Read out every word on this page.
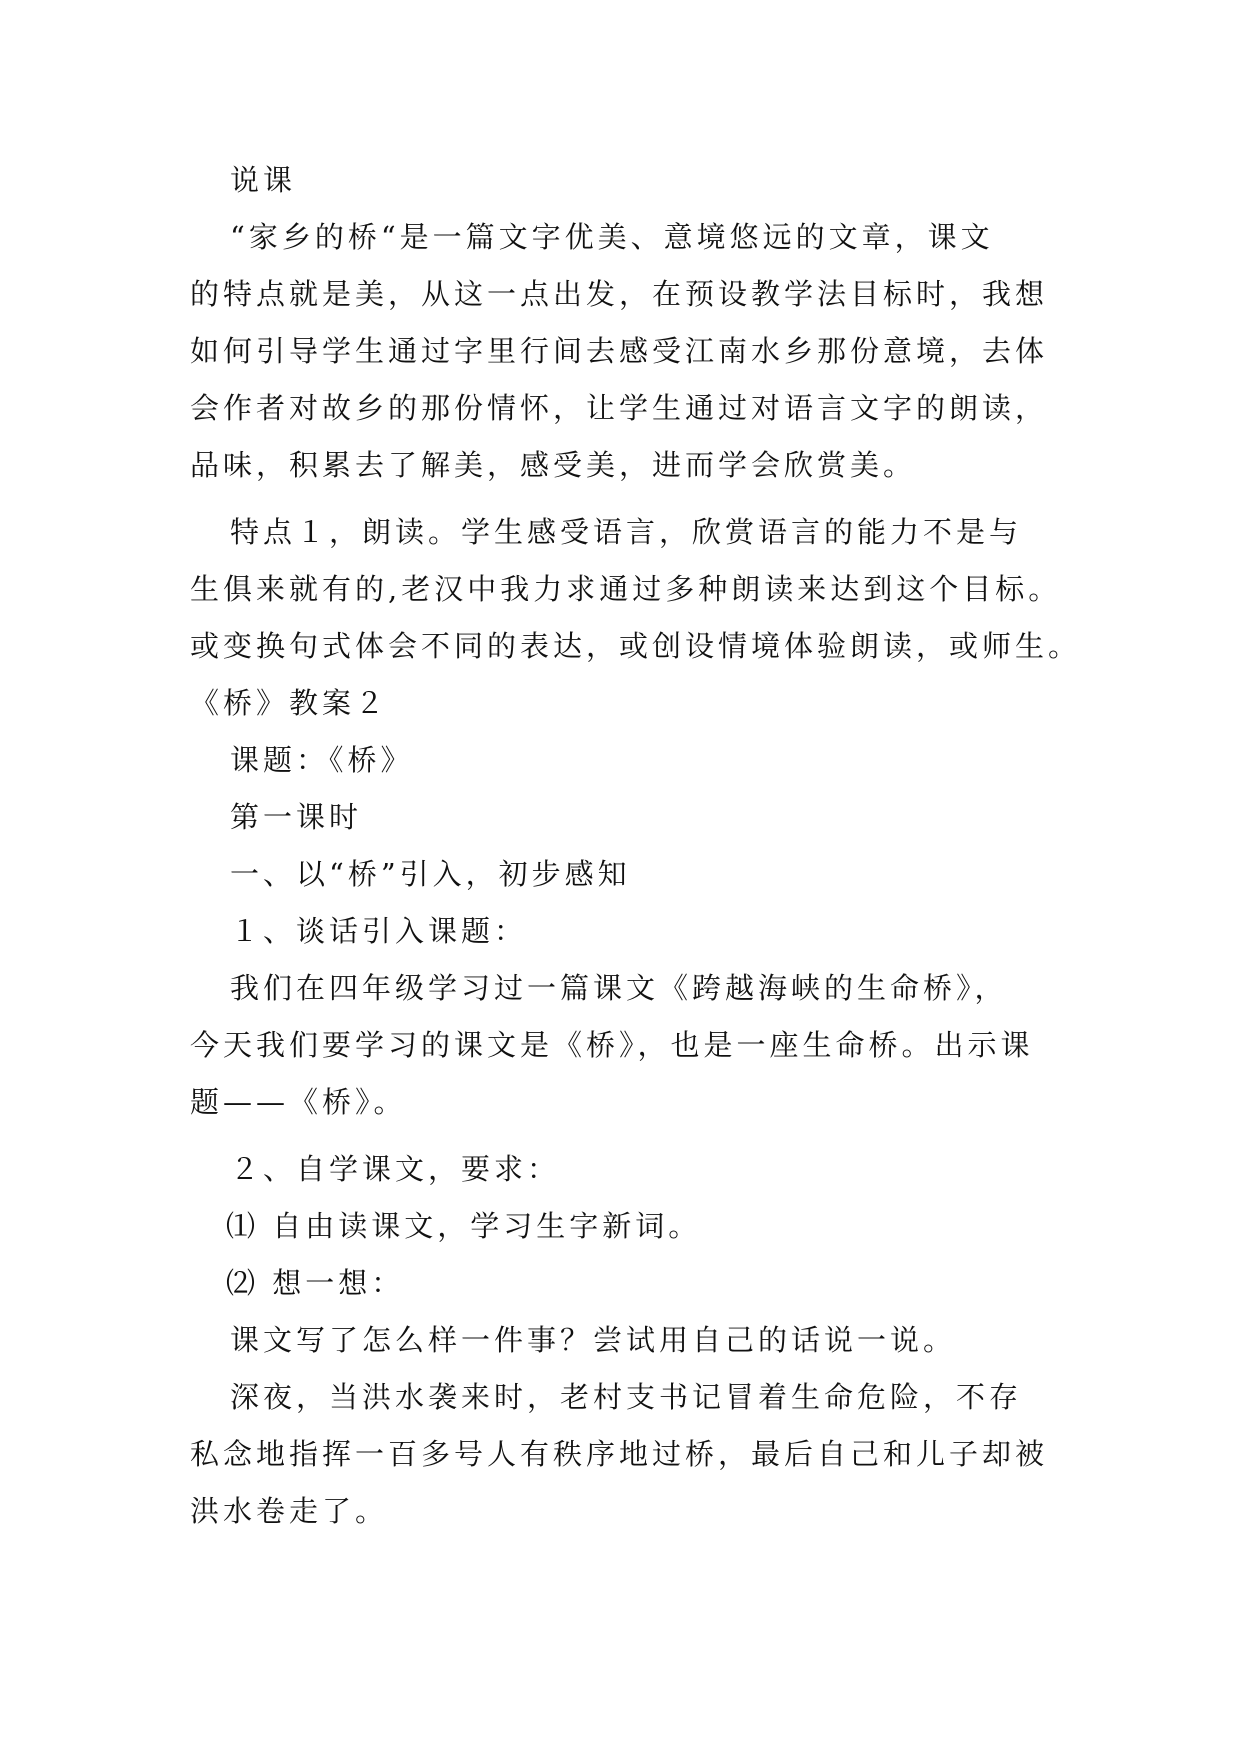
说课
“家乡的桥“是一篇文字优美、意境悠远的文章，课文
的特点就是美，从这一点出发，在预设教学法目标时，我想
如何引导学生通过字里行间去感受江南水乡那份意境，去体
会作者对故乡的那份情怀，让学生通过对语言文字的朗读，
品味，积累去了解美，感受美，进而学会欣赏美。
特点１，朗读。学生感受语言，欣赏语言的能力不是与
生俱来就有的,老汉中我力求通过多种朗读来达到这个目标。
或变换句式体会不同的表达，或创设情境体验朗读，或师生。
《桥》教案２
课题：《桥》
第一课时
一、以“桥”引入，初步感知
１、谈话引入课题：
我们在四年级学习过一篇课文《跨越海峡的生命桥》，
今天我们要学习的课文是《桥》，也是一座生命桥。出示课
题——《桥》。
２、自学课文，要求：
⑴ 自由读课文，学习生字新词。
⑵ 想一想：
课文写了怎么样一件事？尝试用自己的话说一说。
深夜，当洪水袭来时，老村支书记冒着生命危险，不存
私念地指挥一百多号人有秩序地过桥，最后自己和儿子却被
洪水卷走了。
